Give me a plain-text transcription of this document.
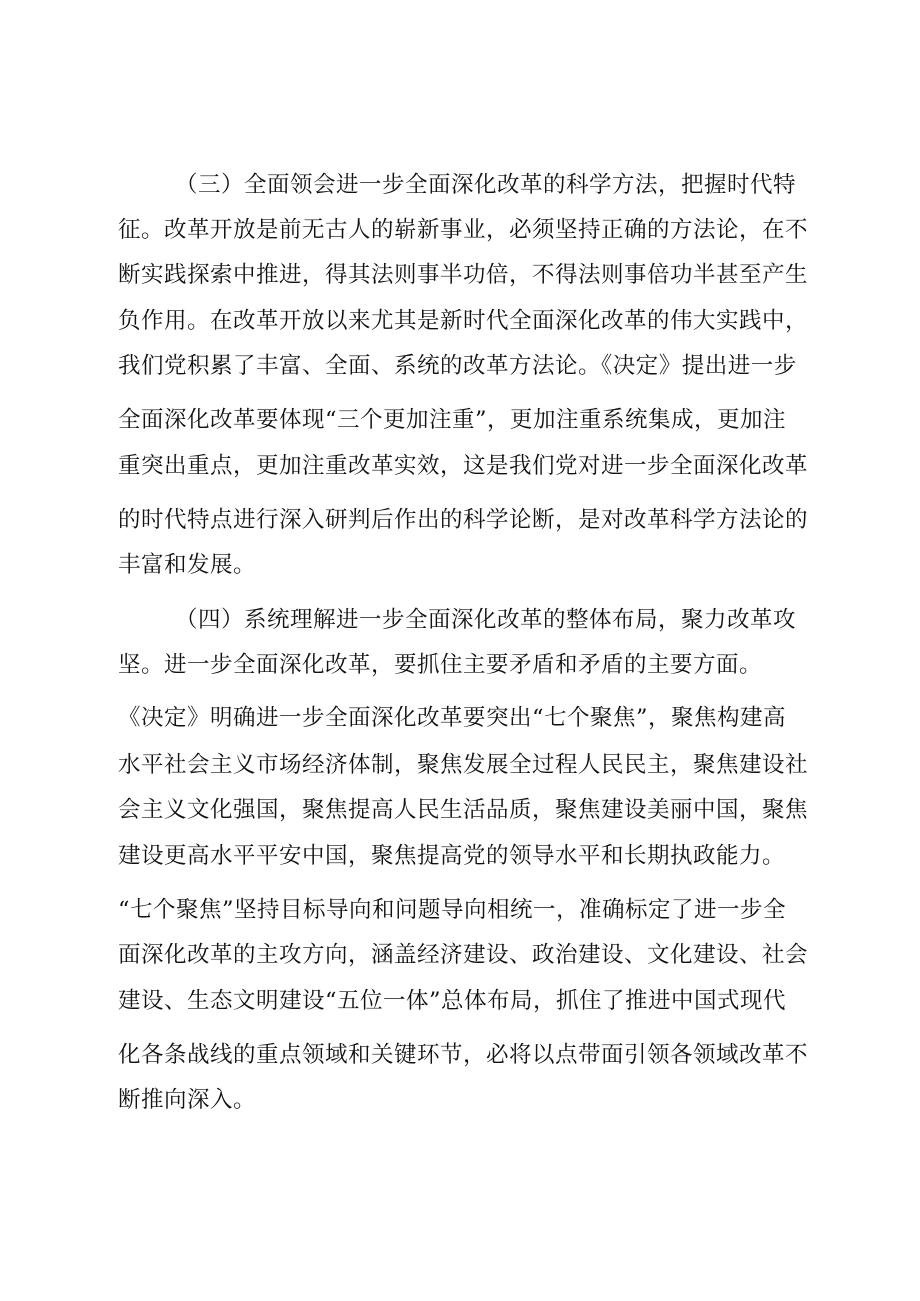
（三）全面领会进一步全面深化改革的科学方法，把握时代特
征。改革开放是前无古人的崭新事业，必须坚持正确的方法论，在不
断实践探索中推进，得其法则事半功倍，不得法则事倍功半甚至产生
负作用。在改革开放以来尤其是新时代全面深化改革的伟大实践中，
我们党积累了丰富、全面、系统的改革方法论。《决定》提出进一步
全面深化改革要体现“三个更加注重”，更加注重系统集成，更加注
重突出重点，更加注重改革实效，这是我们党对进一步全面深化改革
的时代特点进行深入研判后作出的科学论断，是对改革科学方法论的
丰富和发展。
（四）系统理解进一步全面深化改革的整体布局，聚力改革攻
坚。进一步全面深化改革，要抓住主要矛盾和矛盾的主要方面。
《决定》明确进一步全面深化改革要突出“七个聚焦”，聚焦构建高
水平社会主义市场经济体制，聚焦发展全过程人民民主，聚焦建设社
会主义文化强国，聚焦提高人民生活品质，聚焦建设美丽中国，聚焦
建设更高水平平安中国，聚焦提高党的领导水平和长期执政能力。
“七个聚焦”坚持目标导向和问题导向相统一，准确标定了进一步全
面深化改革的主攻方向，涵盖经济建设、政治建设、文化建设、社会
建设、生态文明建设“五位一体”总体布局，抓住了推进中国式现代
化各条战线的重点领域和关键环节，必将以点带面引领各领域改革不
断推向深入。
